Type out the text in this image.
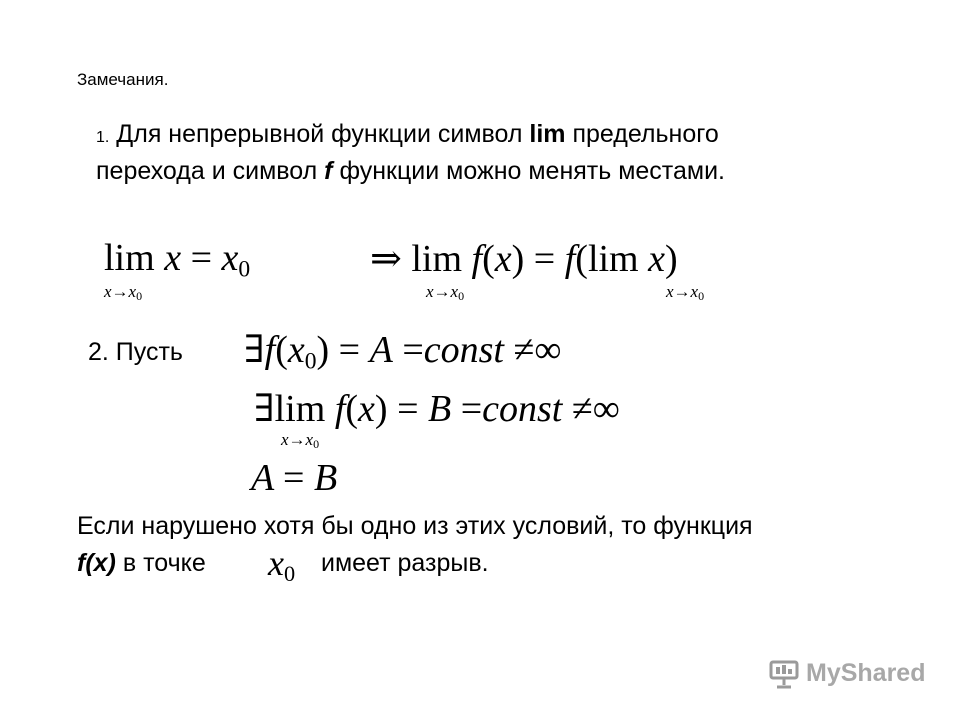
Замечания.
1. Для непрерывной функции символ lim предельного
перехода и символ f функции можно менять местами.
$\lim x = x_0$
x→x0
⇒ lim f(x) = f(lim x)
x→x0	x→x0
2. Пусть $\exists f(x_0) = A$ =const ≠∞
∃lim f(x) = B =const ≠∞
x→x0
A = B
Если нарушено хотя бы одно из этих условий, то функция
f(x) в точке $x_0$ имеет разрыв.
MyShared
